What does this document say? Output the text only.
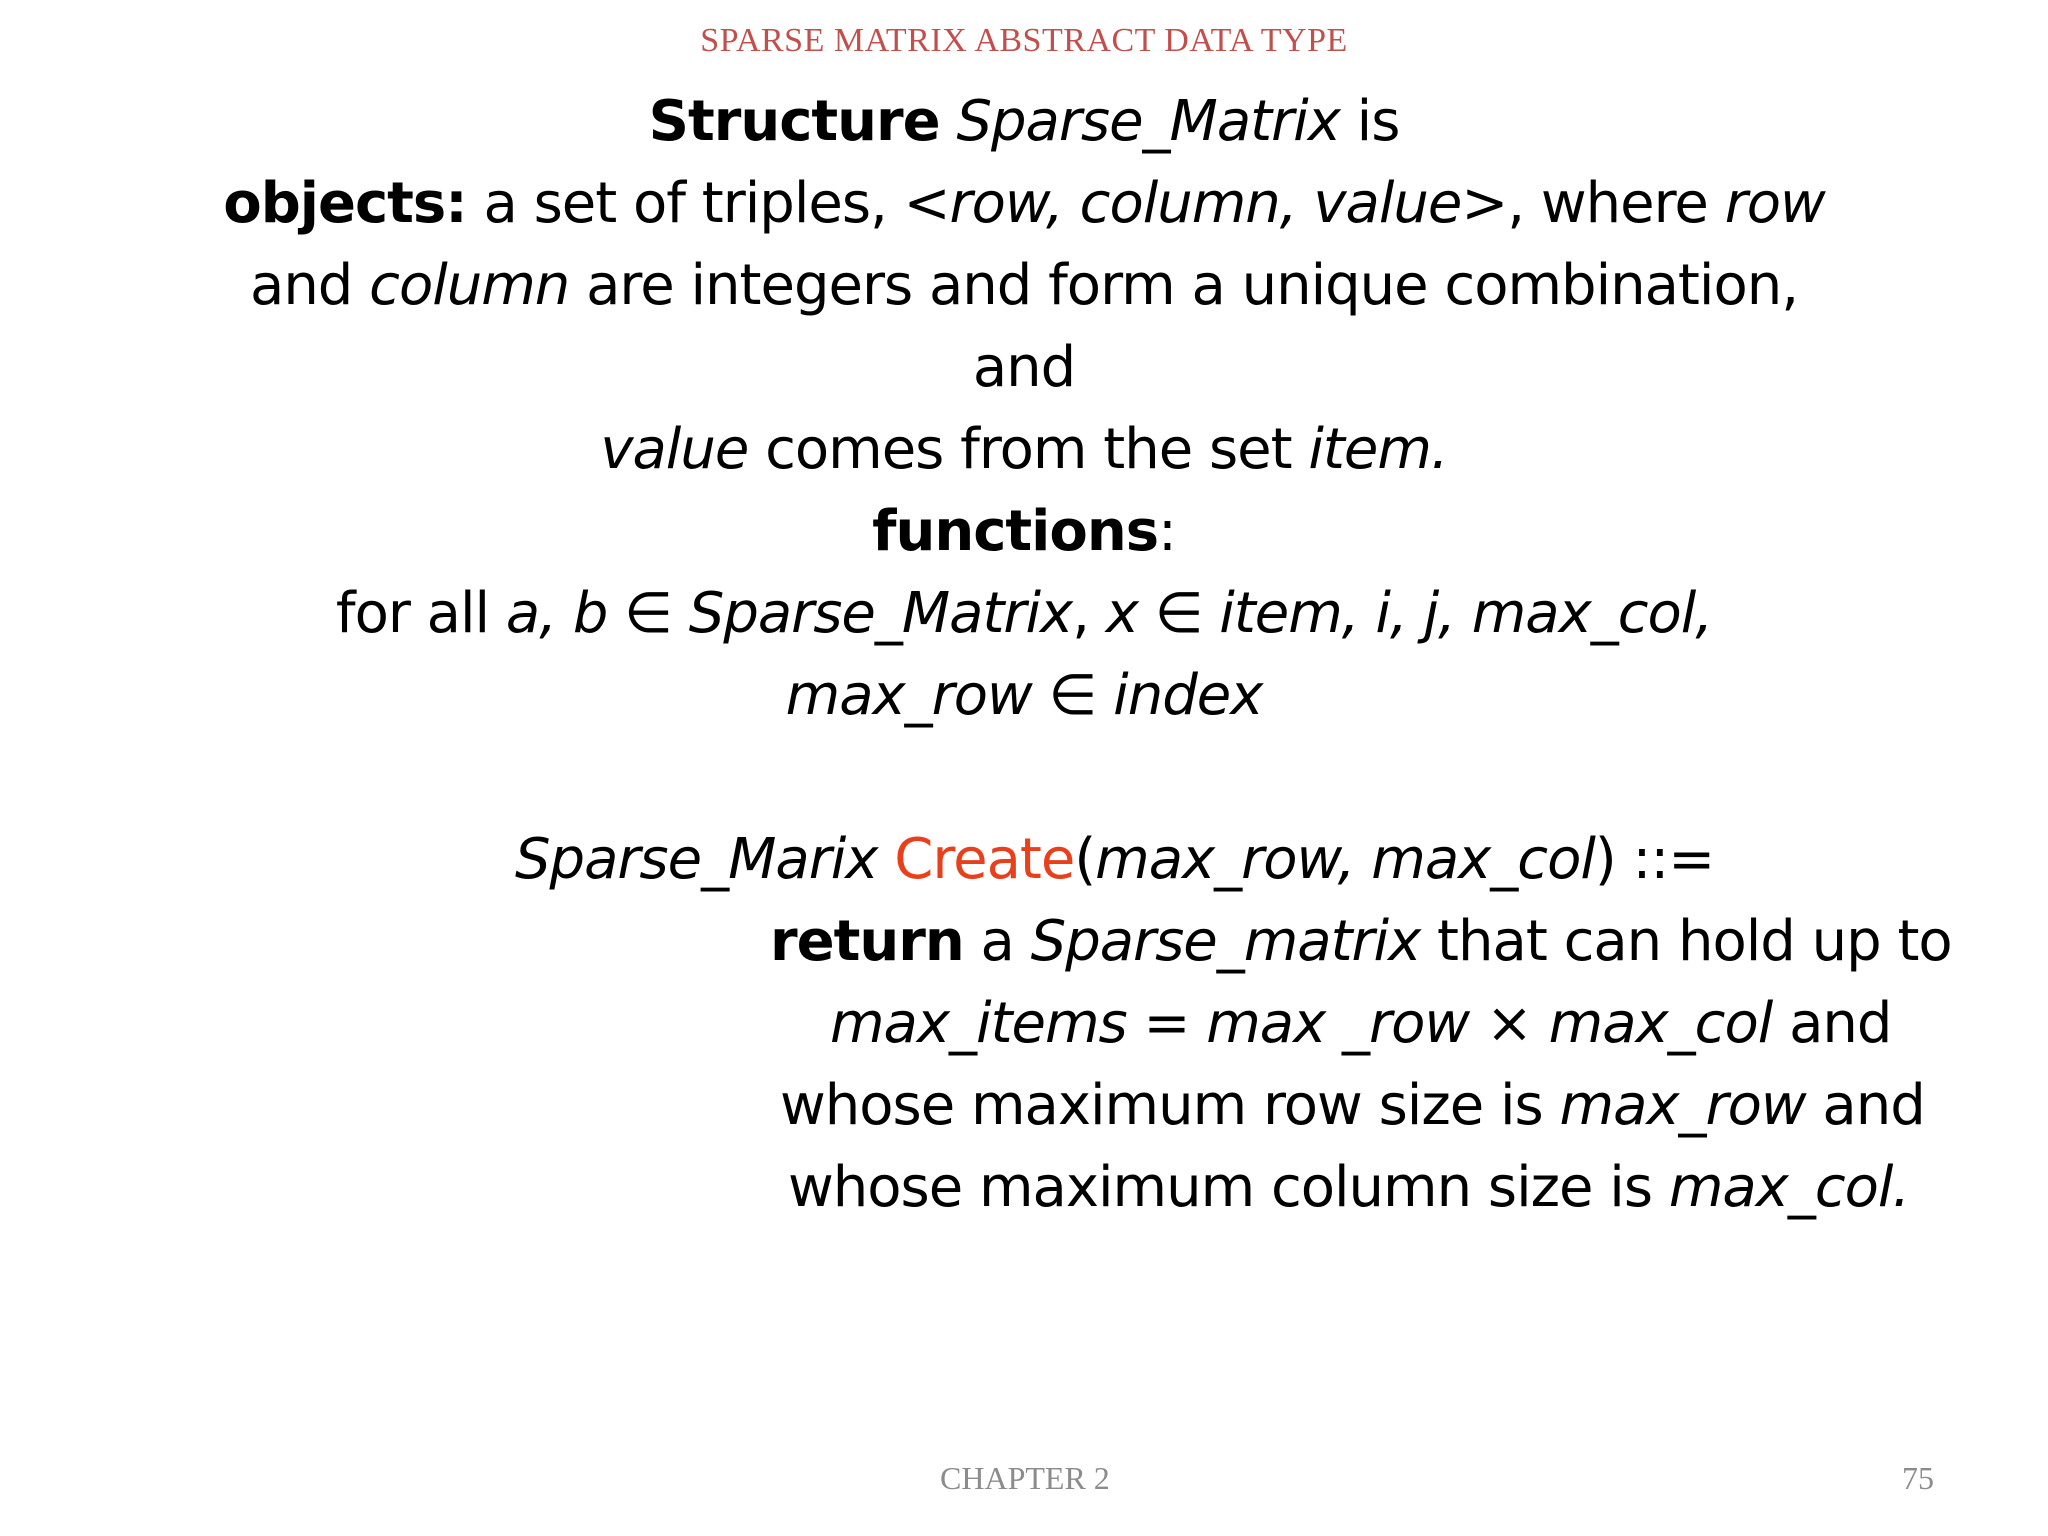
SPARSE MATRIX ABSTRACT DATA TYPE
Structure Sparse_Matrix is
objects: a set of triples, <row, column, value>, where row
and column are integers and form a unique combination,
and
value comes from the set item.
functions:
for all a, b ∈ Sparse_Matrix, x ∈ item, i, j, max_col,
max_row ∈ index
Sparse_Marix Create(max_row, max_col) ::=
return a Sparse_matrix that can hold up to
max_items = max _row × max_col and
whose maximum row size is max_row and
whose maximum column size is max_col.
CHAPTER 2	75
